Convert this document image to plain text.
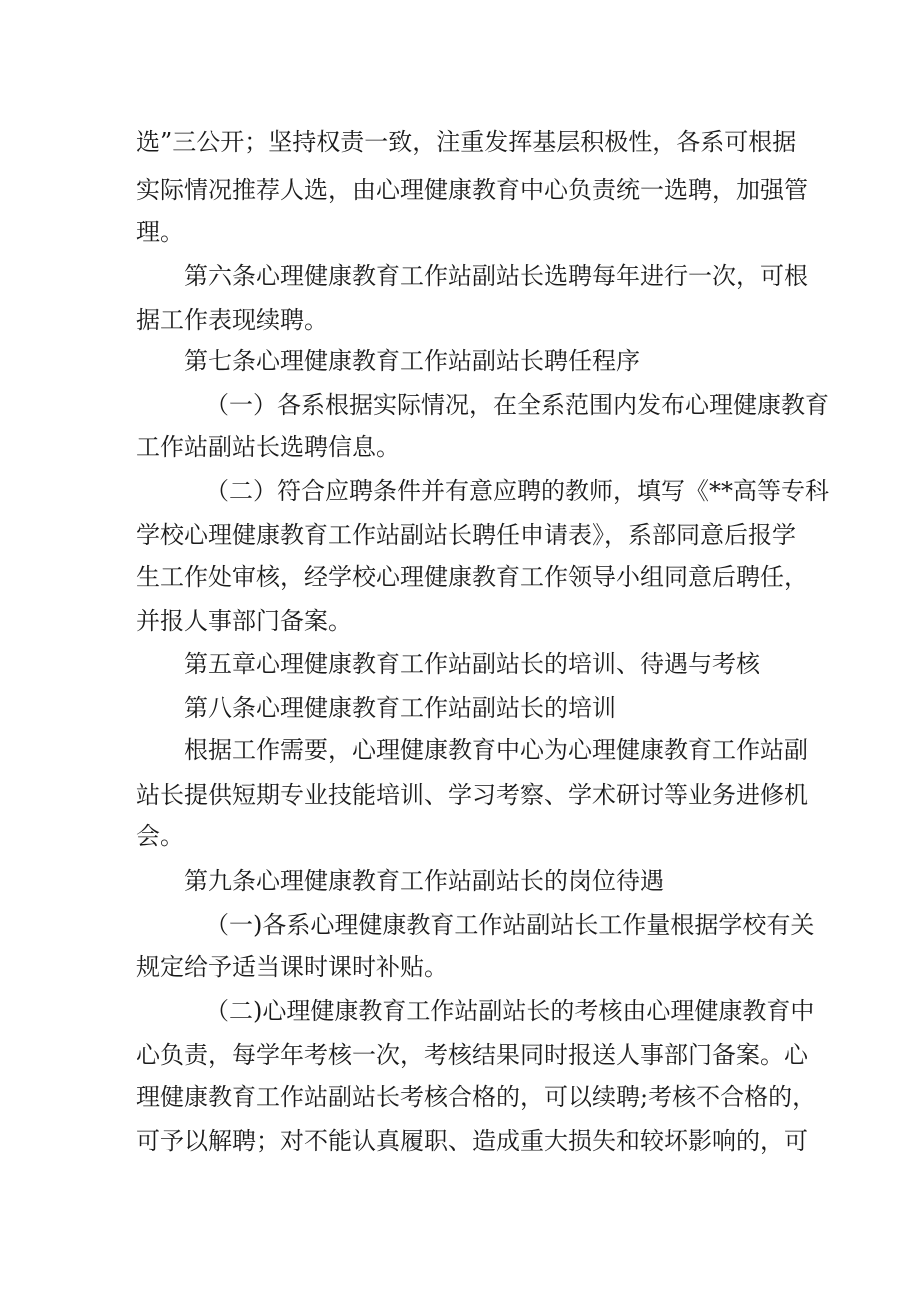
选”三公开；坚持权责一致，注重发挥基层积极性，各系可根据
实际情况推荐人选，由心理健康教育中心负责统一选聘，加强管
理。
第六条心理健康教育工作站副站长选聘每年进行一次，可根
据工作表现续聘。
第七条心理健康教育工作站副站长聘任程序
（一）各系根据实际情况，在全系范围内发布心理健康教育
工作站副站长选聘信息。
（二）符合应聘条件并有意应聘的教师，填写《**高等专科
学校心理健康教育工作站副站长聘任申请表》，系部同意后报学
生工作处审核，经学校心理健康教育工作领导小组同意后聘任，
并报人事部门备案。
第五章心理健康教育工作站副站长的培训、待遇与考核
第八条心理健康教育工作站副站长的培训
根据工作需要，心理健康教育中心为心理健康教育工作站副
站长提供短期专业技能培训、学习考察、学术研讨等业务进修机
会。
第九条心理健康教育工作站副站长的岗位待遇
（一)各系心理健康教育工作站副站长工作量根据学校有关
规定给予适当课时课时补贴。
（二)心理健康教育工作站副站长的考核由心理健康教育中
心负责，每学年考核一次，考核结果同时报送人事部门备案。心
理健康教育工作站副站长考核合格的，可以续聘;考核不合格的，
可予以解聘；对不能认真履职、造成重大损失和较坏影响的，可
